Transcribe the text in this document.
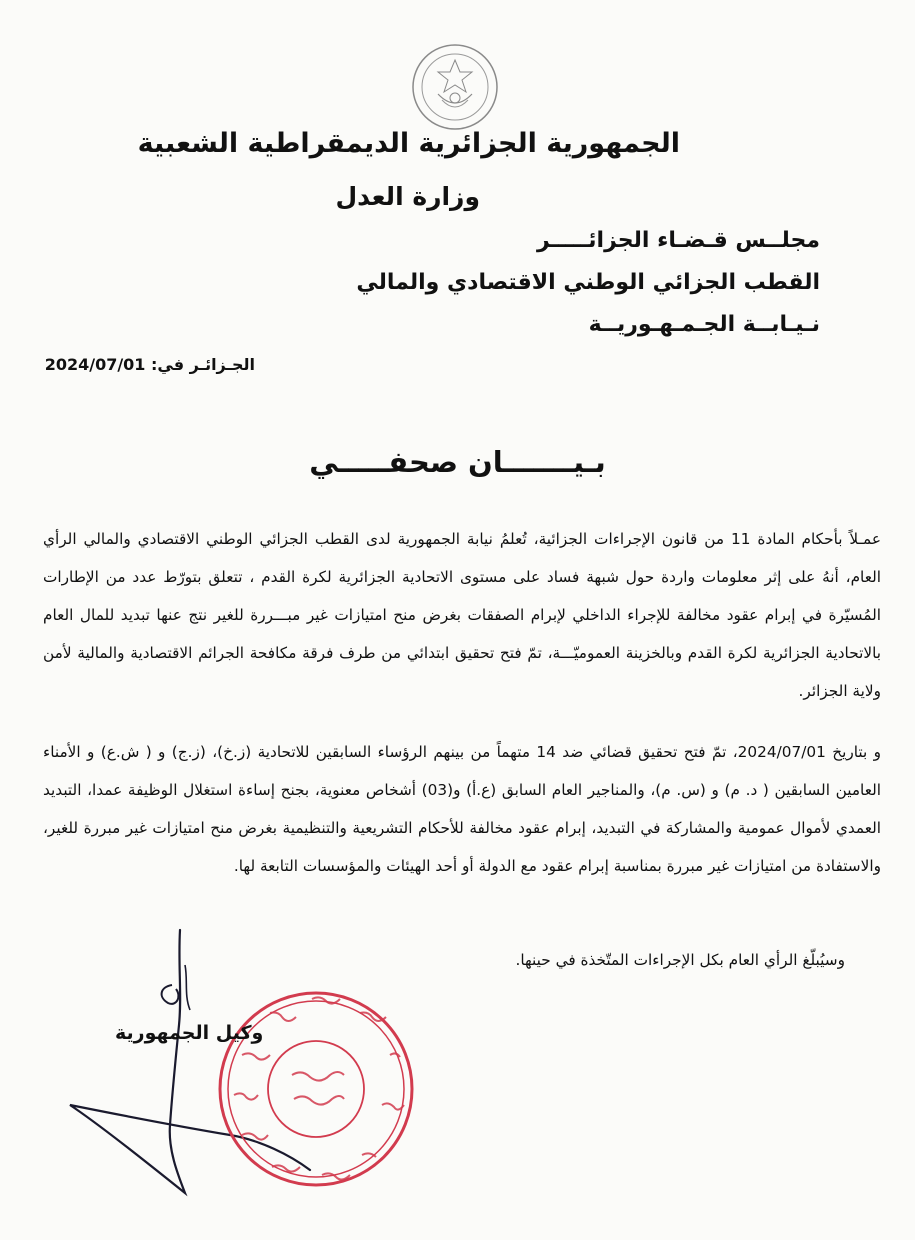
الجمهورية الجزائرية الديمقراطية الشعبية
وزارة العدل
مجلــس قـضـاء الجزائـــــر
القطب الجزائي الوطني الاقتصادي والمالي
نـيـابــة الجـمـهـوريــة
الجـزائـر في: 2024/07/01
بـيـــــــان صحفـــــي
عمـلاً بأحكام المادة 11 من قانون الإجراءات الجزائية، تُعلمُ نيابة الجمهورية لدى القطب الجزائي الوطني الاقتصادي والمالي الرأي العام، أنهُ على إثر معلومات واردة حول شبهة فساد على مستوى الاتحادية الجزائرية لكرة القدم ، تتعلق بتورّط عدد من الإطارات المُسيّرة في إبرام عقود مخالفة للإجراء الداخلي لإبرام الصفقات بغرض منح امتيازات غير مبـــررة للغير نتج عنها تبديد للمال العام بالاتحادية الجزائرية لكرة القدم وبالخزينة العموميّـــة، تمّ فتح تحقيق ابتدائي من طرف فرقة مكافحة الجرائم الاقتصادية والمالية لأمن ولاية الجزائر.
و بتاريخ 2024/07/01، تمّ فتح تحقيق قضائي ضد 14 متهماً من بينهم الرؤساء السابقين للاتحادية (ز.خ)، (ز.ج) و ( ش.ع) و الأمناء العامين السابقين ( د. م) و (س. م)، والمناجير العام السابق (ع.أ) و(03) أشخاص معنوية، بجنح إساءة استغلال الوظيفة عمدا، التبديد العمدي لأموال عمومية والمشاركة في التبديد، إبرام عقود مخالفة للأحكام التشريعية والتنظيمية بغرض منح امتيازات غير مبررة للغير، والاستفادة من امتيازات غير مبررة بمناسبة إبرام عقود مع الدولة أو أحد الهيئات والمؤسسات التابعة لها.
وسيُبلّغ الرأي العام بكل الإجراءات المتّخذة في حينها.
وكيل الجمهورية
